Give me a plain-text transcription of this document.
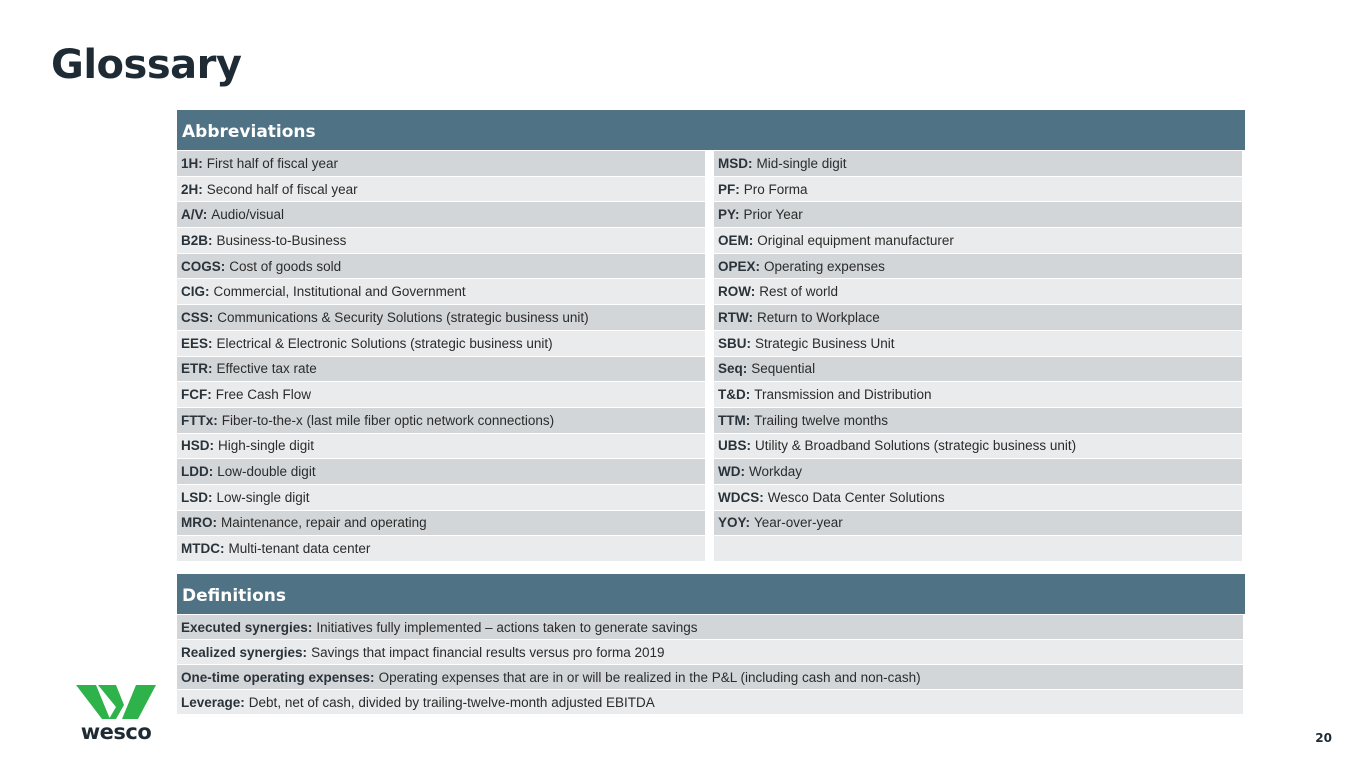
Glossary
Abbreviations
1H: First half of fiscal year	MSD: Mid-single digit
2H: Second half of fiscal year	PF: Pro Forma
A/V: Audio/visual	PY: Prior Year
B2B: Business-to-Business	OEM: Original equipment manufacturer
COGS: Cost of goods sold	OPEX: Operating expenses
CIG: Commercial, Institutional and Government	ROW: Rest of world
CSS: Communications & Security Solutions (strategic business unit)	RTW: Return to Workplace
EES: Electrical & Electronic Solutions (strategic business unit)	SBU: Strategic Business Unit
ETR: Effective tax rate	Seq: Sequential
FCF: Free Cash Flow	T&D: Transmission and Distribution
FTTx: Fiber-to-the-x (last mile fiber optic network connections)	TTM: Trailing twelve months
HSD: High-single digit	UBS: Utility & Broadband Solutions (strategic business unit)
LDD: Low-double digit	WD: Workday
LSD: Low-single digit	WDCS: Wesco Data Center Solutions
MRO: Maintenance, repair and operating	YOY: Year-over-year
MTDC: Multi-tenant data center
Definitions
Executed synergies: Initiatives fully implemented – actions taken to generate savings
Realized synergies: Savings that impact financial results versus pro forma 2019
One-time operating expenses: Operating expenses that are in or will be realized in the P&L (including cash and non-cash)
Leverage: Debt, net of cash, divided by trailing-twelve-month adjusted EBITDA
wesco	20
